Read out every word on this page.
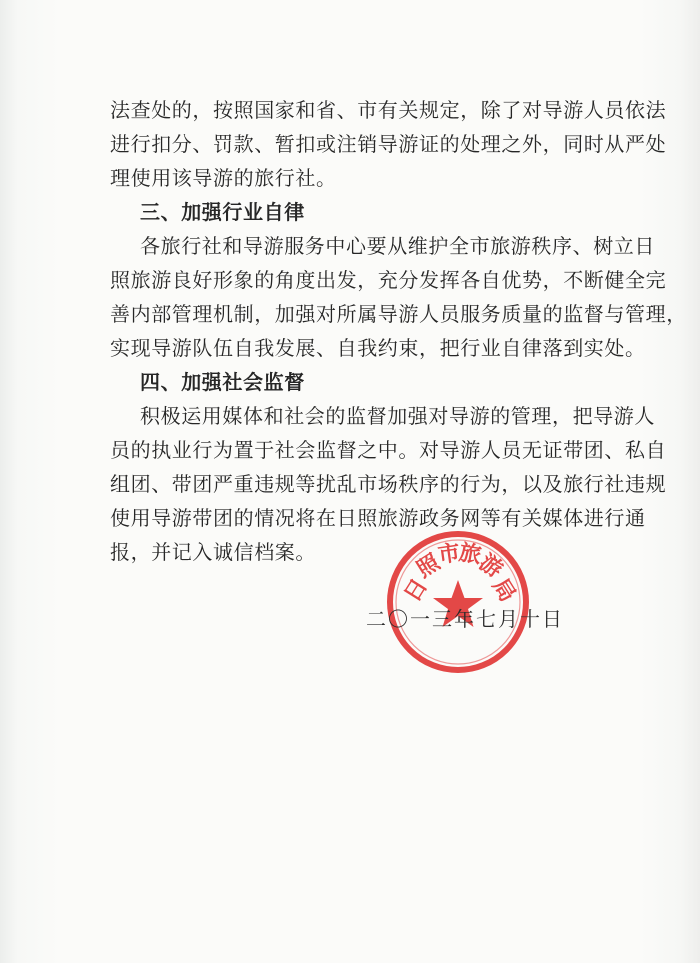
法查处的，按照国家和省、市有关规定，除了对导游人员依法
进行扣分、罚款、暂扣或注销导游证的处理之外，同时从严处
理使用该导游的旅行社。
三、加强行业自律
各旅行社和导游服务中心要从维护全市旅游秩序、树立日
照旅游良好形象的角度出发，充分发挥各自优势，不断健全完
善内部管理机制，加强对所属导游人员服务质量的监督与管理，
实现导游队伍自我发展、自我约束，把行业自律落到实处。
四、加强社会监督
积极运用媒体和社会的监督加强对导游的管理，把导游人
员的执业行为置于社会监督之中。对导游人员无证带团、私自
组团、带团严重违规等扰乱市场秩序的行为，以及旅行社违规
使用导游带团的情况将在日照旅游政务网等有关媒体进行通
报，并记入诚信档案。
日
照
市
旅
游
局
二〇一三年七月十日
